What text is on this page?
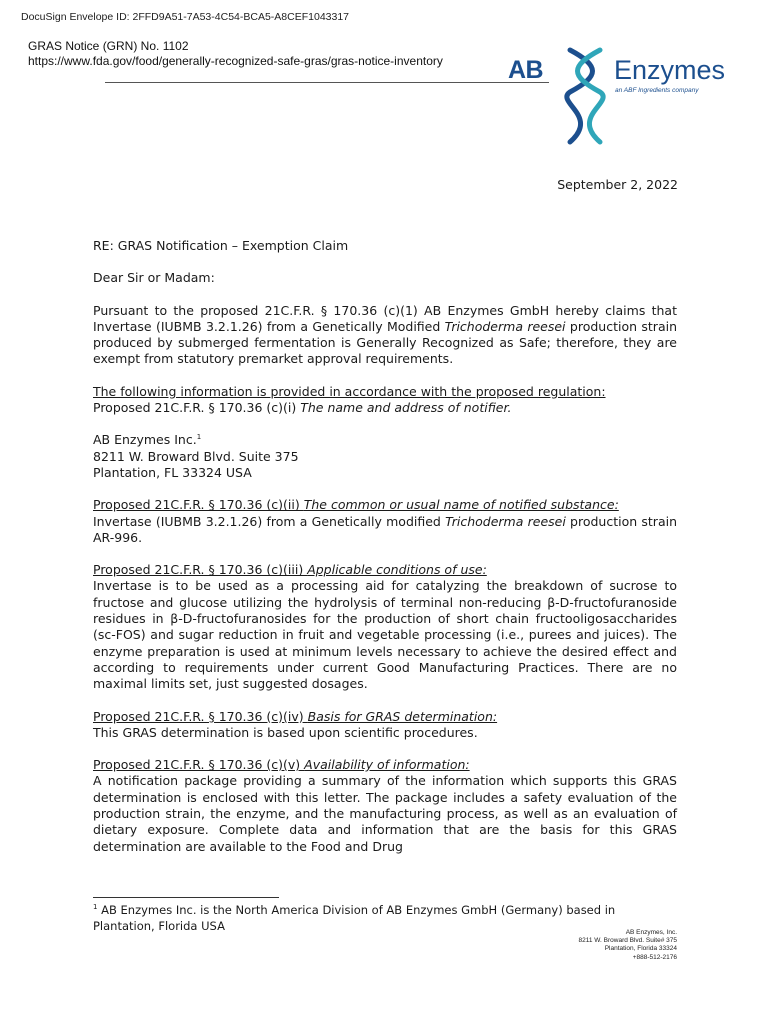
DocuSign Envelope ID: 2FFD9A51-7A53-4C54-BCA5-A8CEF1043317
GRAS Notice (GRN) No. 1102
https://www.fda.gov/food/generally-recognized-safe-gras/gras-notice-inventory	AB	Enzymes
an ABF Ingredients company
September 2, 2022

RE: GRAS Notification – Exemption Claim

Dear Sir or Madam:

Pursuant to the proposed 21C.F.R. § 170.36 (c)(1) AB Enzymes GmbH hereby claims that Invertase (IUBMB 3.2.1.26) from a Genetically Modified Trichoderma reesei production strain produced by submerged fermentation is Generally Recognized as Safe; therefore, they are exempt from statutory premarket approval requirements.

The following information is provided in accordance with the proposed regulation:

Proposed 21C.F.R. § 170.36 (c)(i) The name and address of notifier.

AB Enzymes Inc.$^1$

8211 W. Broward Blvd. Suite 375

Plantation, FL 33324 USA

Proposed 21C.F.R. § 170.36 (c)(ii) The common or usual name of notified substance:

Invertase (IUBMB 3.2.1.26) from a Genetically modified Trichoderma reesei production strain AR-996.

Proposed 21C.F.R. § 170.36 (c)(iii) Applicable conditions of use:

Invertase is to be used as a processing aid for catalyzing the breakdown of sucrose to fructose and glucose utilizing the hydrolysis of terminal non-reducing β-D-fructofuranoside residues in β-D-fructofuranosides for the production of short chain fructooligosaccharides (sc-FOS) and sugar reduction in fruit and vegetable processing (i.e., purees and juices). The enzyme preparation is used at minimum levels necessary to achieve the desired effect and according to requirements under current Good Manufacturing Practices. There are no maximal limits set, just suggested dosages.

Proposed 21C.F.R. § 170.36 (c)(iv) Basis for GRAS determination:

This GRAS determination is based upon scientific procedures.

Proposed 21C.F.R. § 170.36 (c)(v) Availability of information:

A notification package providing a summary of the information which supports this GRAS determination is enclosed with this letter. The package includes a safety evaluation of the production strain, the enzyme, and the manufacturing process, as well as an evaluation of dietary exposure. Complete data and information that are the basis for this GRAS determination are available to the Food and Drug

$^1$ AB Enzymes Inc. is the North America Division of AB Enzymes GmbH (Germany) based in Plantation, Florida USA	AB Enzymes, Inc.
8211 W. Broward Blvd. Suite# 375
Plantation, Florida 33324
+888-512-2176
